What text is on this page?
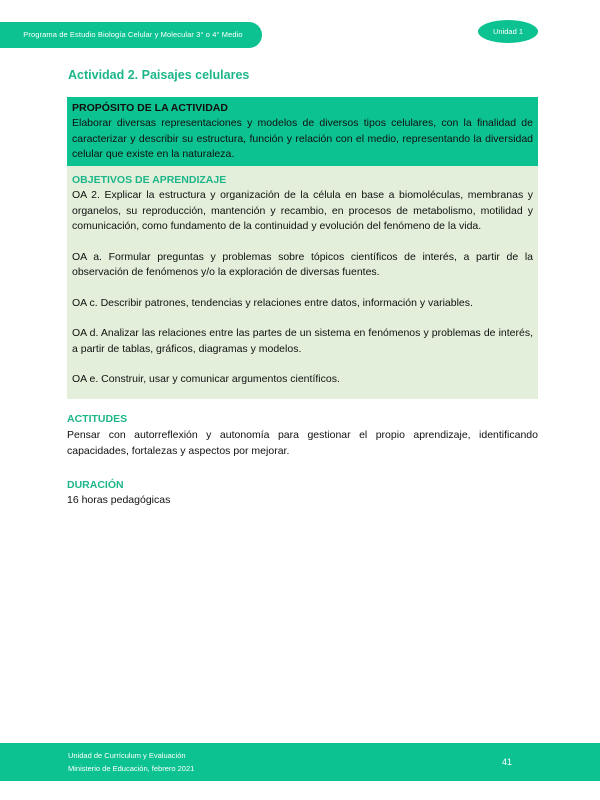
Programa de Estudio Biología Celular y Molecular 3° o 4° Medio	Unidad 1
Actividad 2. Paisajes celulares
PROPÓSITO DE LA ACTIVIDAD

Elaborar diversas representaciones y modelos de diversos tipos celulares, con la finalidad de caracterizar y describir su estructura, función y relación con el medio, representando la diversidad celular que existe en la naturaleza.

OBJETIVOS DE APRENDIZAJE

OA 2. Explicar la estructura y organización de la célula en base a biomoléculas, membranas y organelos, su reproducción, mantención y recambio, en procesos de metabolismo, motilidad y comunicación, como fundamento de la continuidad y evolución del fenómeno de la vida.

OA a. Formular preguntas y problemas sobre tópicos científicos de interés, a partir de la observación de fenómenos y/o la exploración de diversas fuentes.

OA c. Describir patrones, tendencias y relaciones entre datos, información y variables.

OA d. Analizar las relaciones entre las partes de un sistema en fenómenos y problemas de interés, a partir de tablas, gráficos, diagramas y modelos.

OA e. Construir, usar y comunicar argumentos científicos.

ACTITUDES

Pensar con autorreflexión y autonomía para gestionar el propio aprendizaje, identificando capacidades, fortalezas y aspectos por mejorar.

DURACIÓN

16 horas pedagógicas

Unidad de Currículum y Evaluación
Ministerio de Educación, febrero 2021
41
